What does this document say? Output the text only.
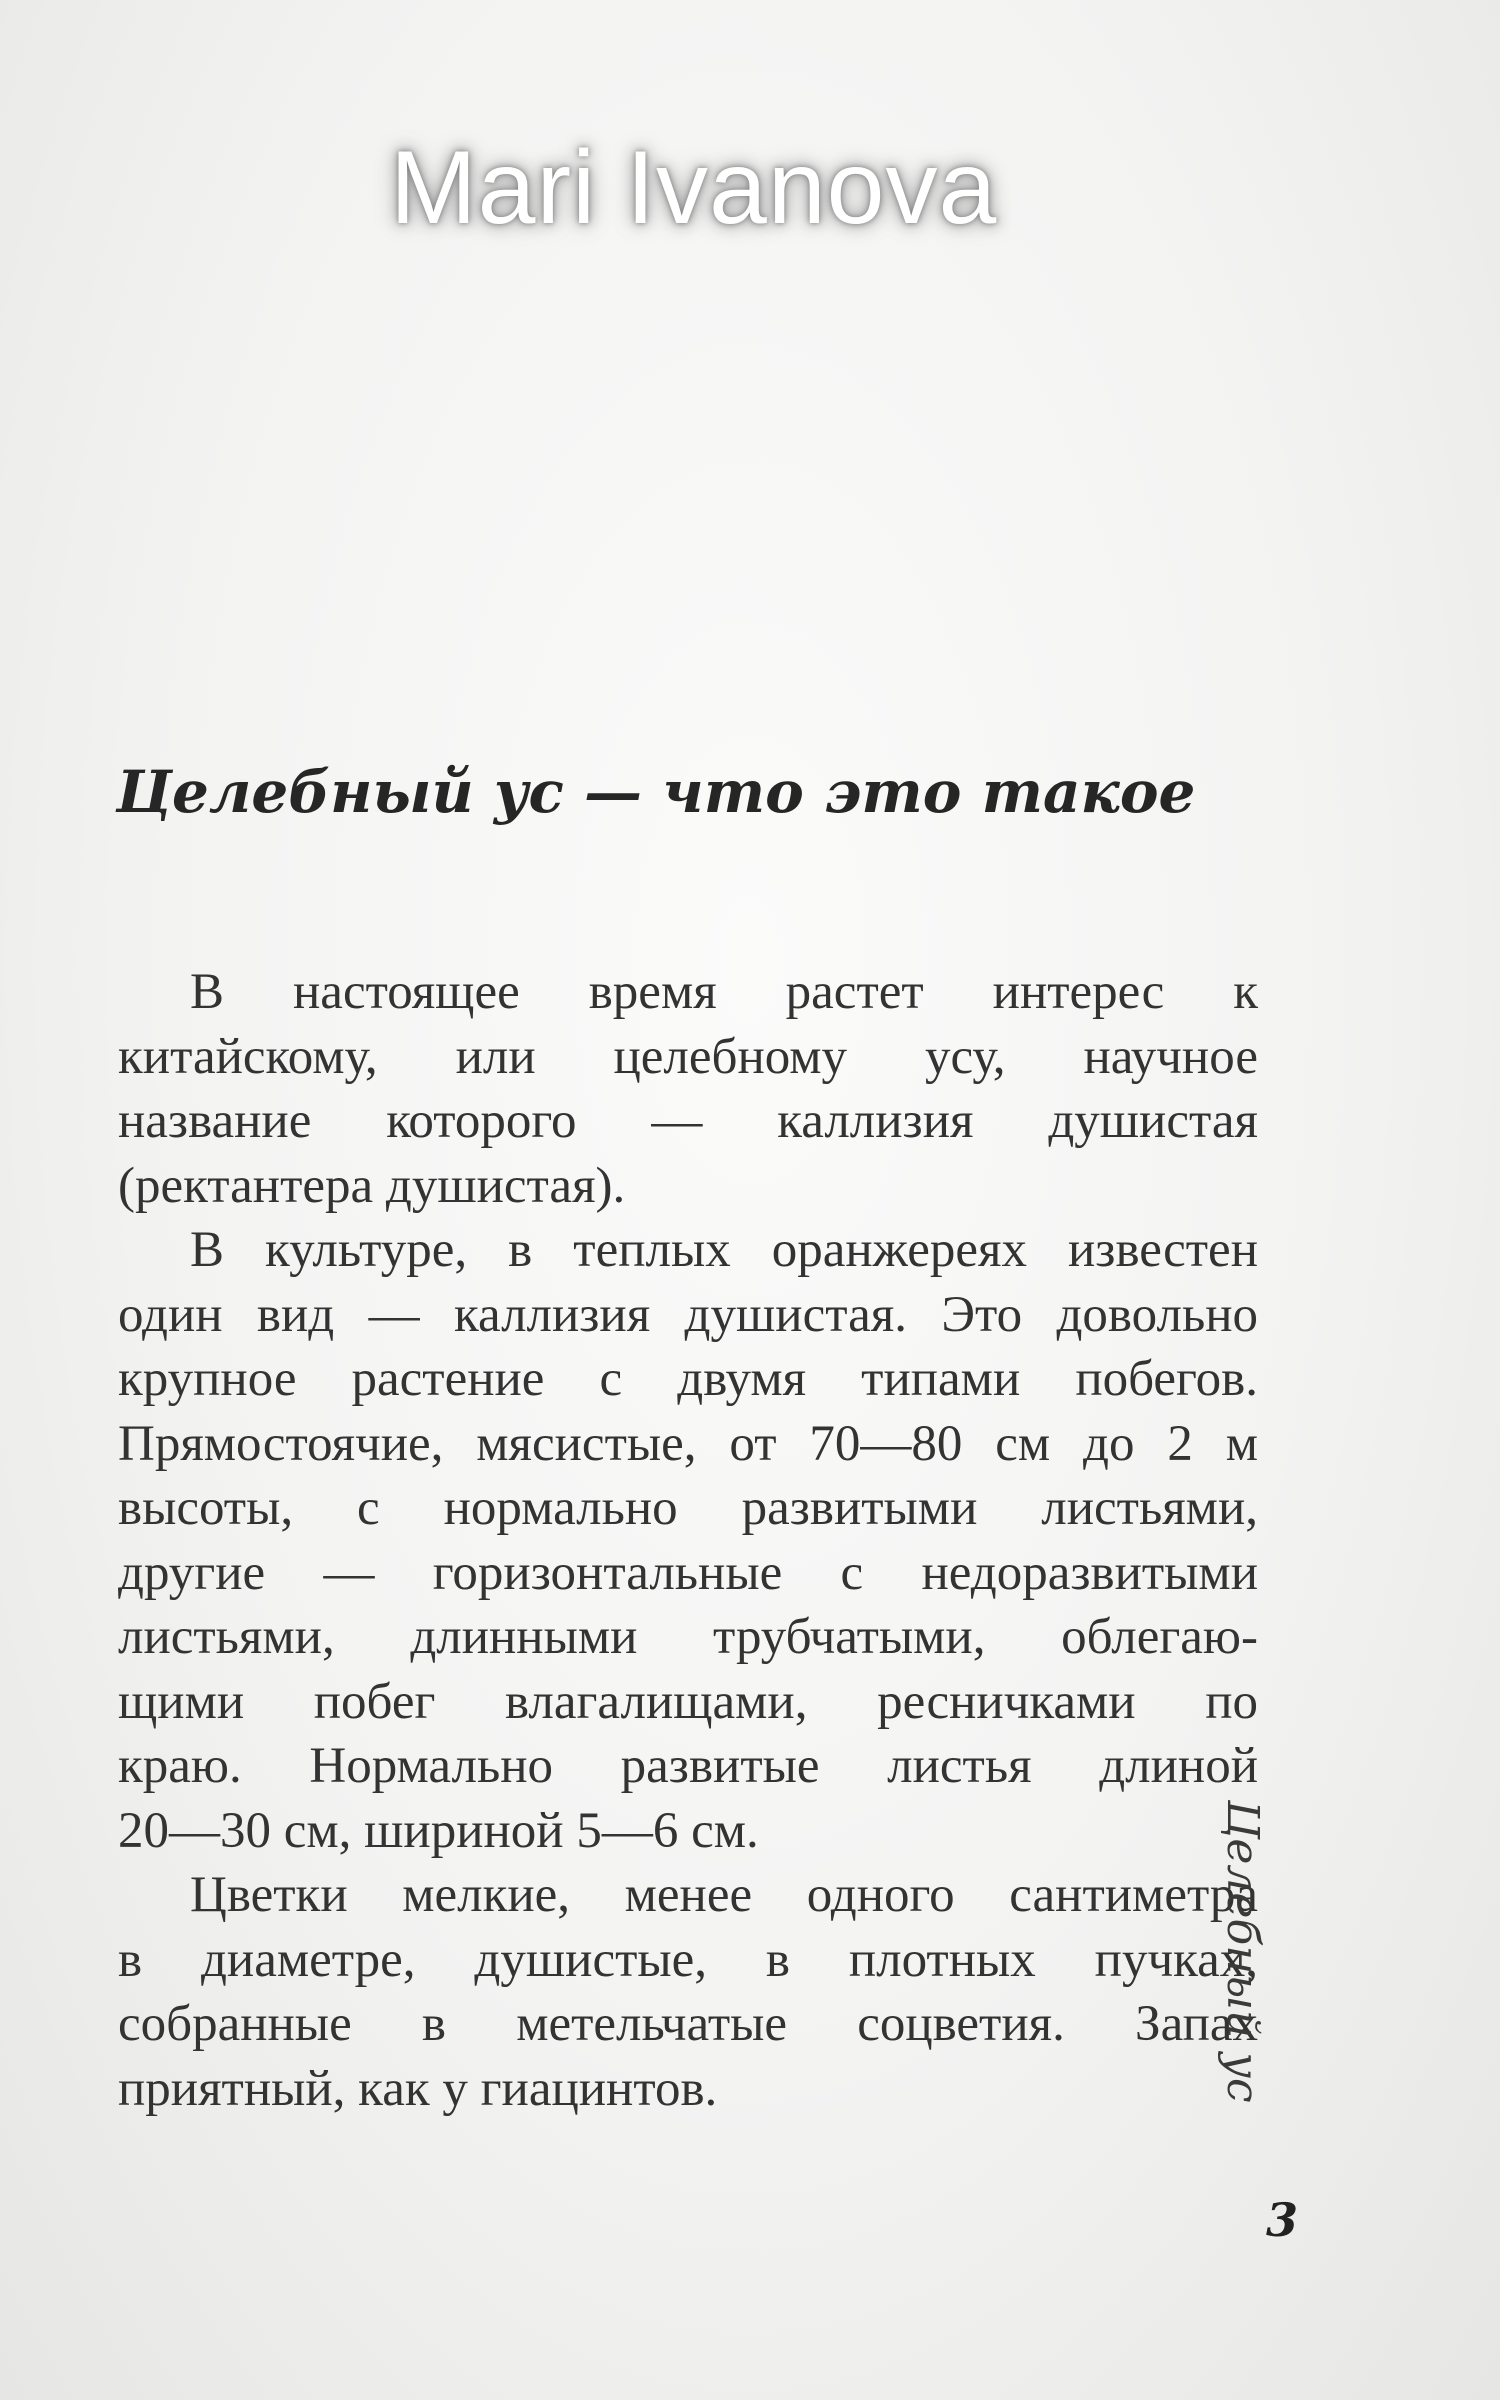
Mari Ivanova
Целебный ус — что это такое
В настоящее время растет интерес к
китайскому, или целебному усу, научное
название которого — каллизия душистая
(ректантера душистая).
В культуре, в теплых оранжереях известен
один вид — каллизия душистая. Это довольно
крупное растение с двумя типами побегов.
Прямостоячие, мясистые, от 70—80 см до 2 м
высоты, с нормально развитыми листьями,
другие — горизонтальные с недоразвитыми
листьями, длинными трубчатыми, облегаю-
щими побег влагалищами, ресничками по
краю. Нормально развитые листья длиной
20—30 см, шириной 5—6 см.
Цветки мелкие, менее одного сантиметра
в диаметре, душистые, в плотных пучках,
собранные в метельчатые соцветия. Запах
приятный, как у гиацинтов.	Целебный ус
3
